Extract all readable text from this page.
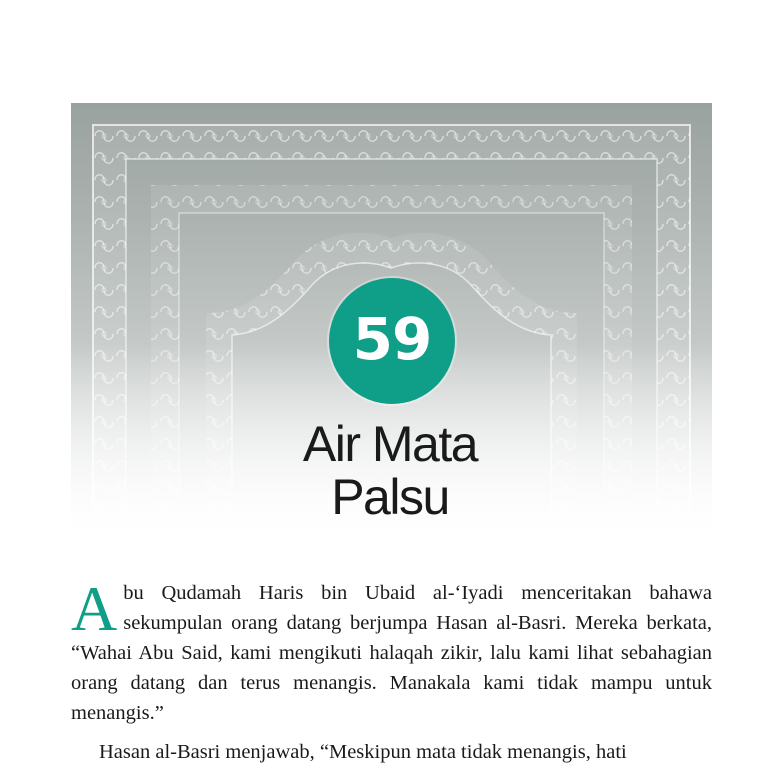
59
Air Mata
Palsu
Abu Qudamah Haris bin Ubaid al-‘Iyadi menceritakan bahawa sekumpulan orang datang berjumpa Hasan al-Basri. Mereka berkata, “Wahai Abu Said, kami mengikuti halaqah zikir, lalu kami lihat sebahagian orang datang dan terus menangis. Manakala kami tidak mampu untuk menangis.”
Hasan al-Basri menjawab, “Meskipun mata tidak menangis, hati
